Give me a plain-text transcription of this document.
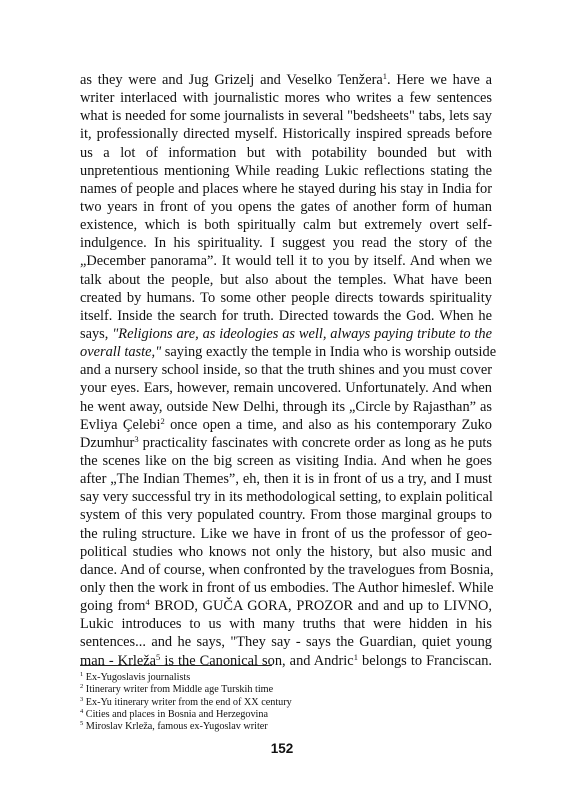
as they were and Jug Grizelj and Veselko Tenžera$^1$. Here we have a
writer interlaced with journalistic mores who writes a few sentences
what is needed for some journalists in several "bedsheets" tabs, lets say
it, professionally directed myself. Historically inspired spreads before
us a lot of information but with potability bounded but with
unpretentious mentioning While reading Lukic reflections stating the
names of people and places where he stayed during his stay in India for
two years in front of you opens the gates of another form of human
existence, which is both spiritually calm but extremely overt self-
indulgence. In his spirituality. I suggest you read the story of the
„December panorama”. It would tell it to you by itself. And when we
talk about the people, but also about the temples. What have been
created by humans. To some other people directs towards spirituality
itself. Inside the search for truth. Directed towards the God. When he
says, "Religions are, as ideologies as well, always paying tribute to the
overall taste," saying exactly the temple in India who is worship outside
and a nursery school inside, so that the truth shines and you must cover
your eyes. Ears, however, remain uncovered. Unfortunately. And when
he went away, outside New Delhi, through its „Circle by Rajasthan” as
Evliya Çelebi$^2$ once open a time, and also as his contemporary Zuko
Dzumhur$^3$ practicality fascinates with concrete order as long as he puts
the scenes like on the big screen as visiting India. And when he goes
after „The Indian Themes”, eh, then it is in front of us a try, and I must
say very successful try in its methodological setting, to explain political
system of this very populated country. From those marginal groups to
the ruling structure. Like we have in front of us the professor of geo-
political studies who knows not only the history, but also music and
dance. And of course, when confronted by the travelogues from Bosnia,
only then the work in front of us embodies. The Author himeslef. While
going from$^4$ BROD, GUČA GORA, PROZOR and and up to LIVNO,
Lukic introduces to us with many truths that were hidden in his
sentences... and he says, "They say - says the Guardian, quiet young
man - Krleža$^5$ is the Canonical son, and Andric$^1$ belongs to Franciscan.
$^1$ Ex-Yugoslavis journalists
$^2$ Itinerary writer from Middle age Turskih time
$^3$ Ex-Yu itinerary writer from the end of XX century
$^4$ Cities and places in Bosnia and Herzegovina
$^5$ Miroslav Krleža, famous ex-Yugoslav writer
152
